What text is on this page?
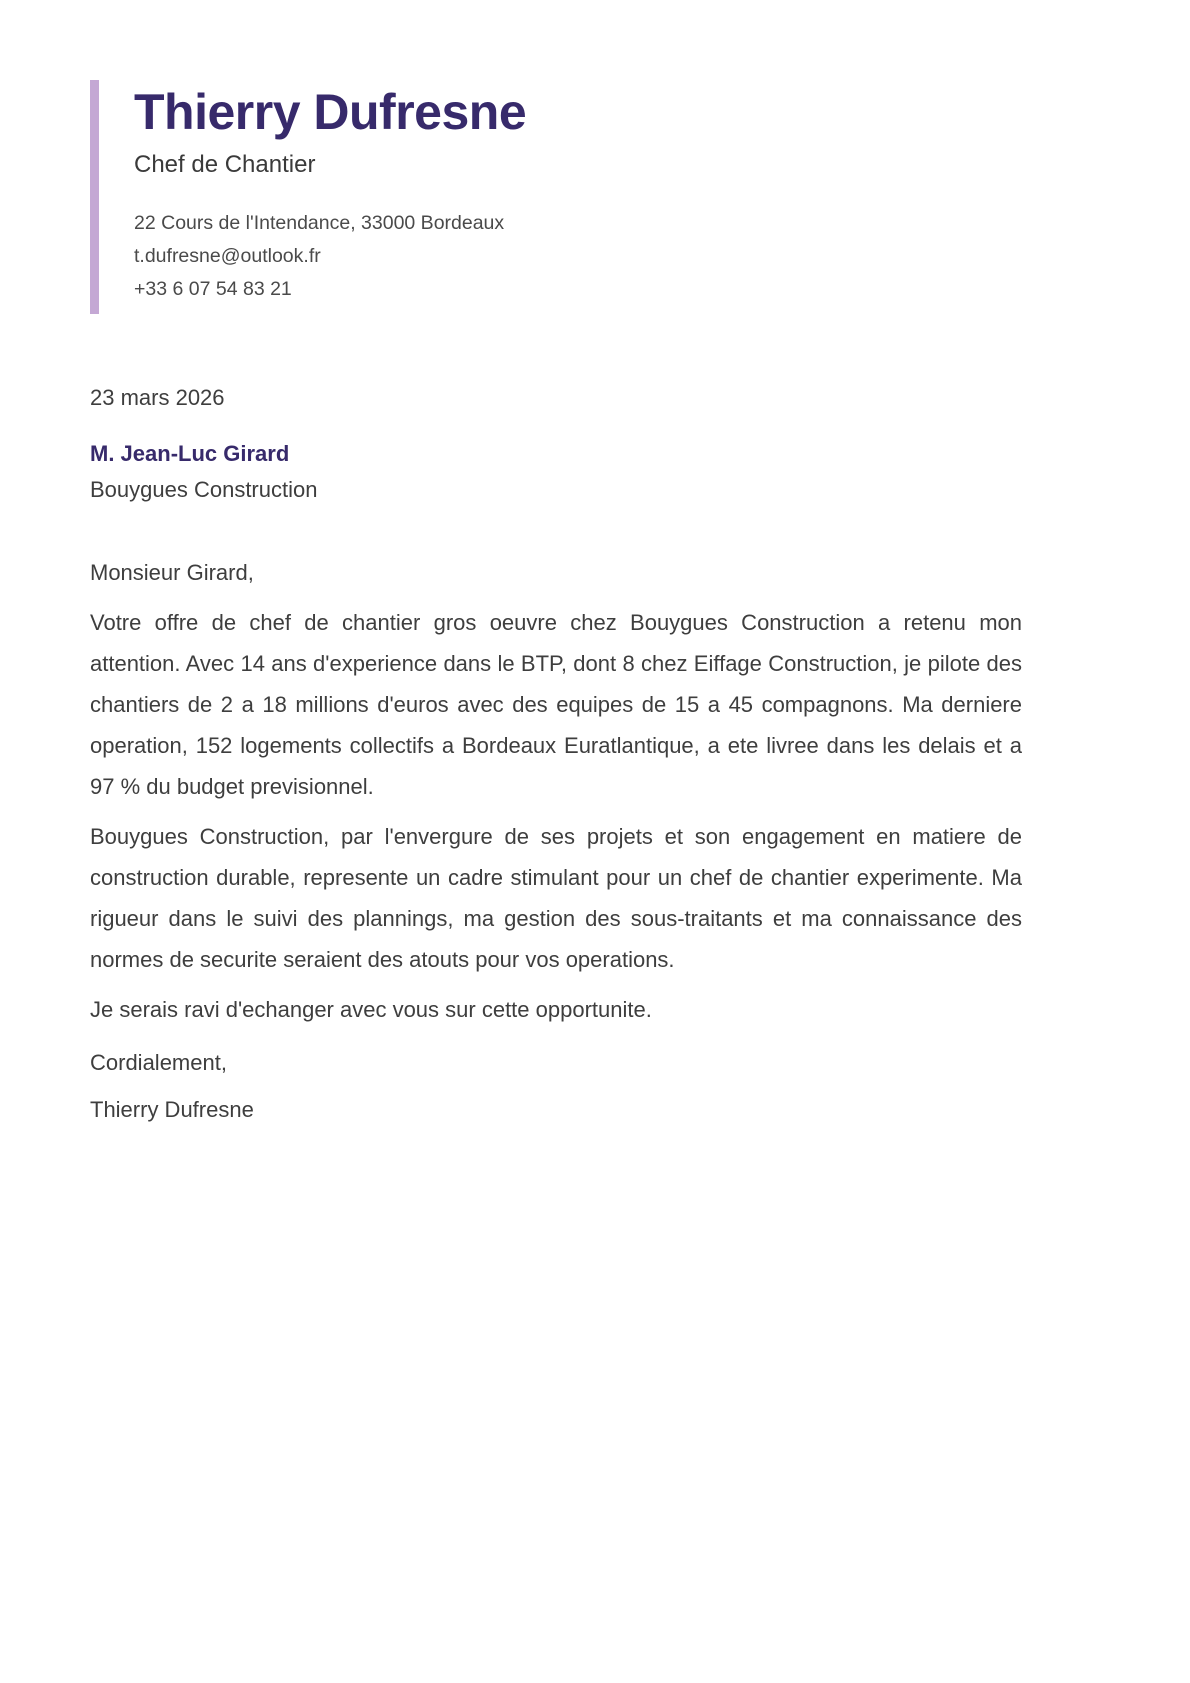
Thierry Dufresne
Chef de Chantier
22 Cours de l'Intendance, 33000 Bordeaux
t.dufresne@outlook.fr
+33 6 07 54 83 21
23 mars 2026
M. Jean-Luc Girard
Bouygues Construction

Monsieur Girard,

Votre offre de chef de chantier gros oeuvre chez Bouygues Construction a retenu mon attention. Avec 14 ans d'experience dans le BTP, dont 8 chez Eiffage Construction, je pilote des chantiers de 2 a 18 millions d'euros avec des equipes de 15 a 45 compagnons. Ma derniere operation, 152 logements collectifs a Bordeaux Euratlantique, a ete livree dans les delais et a 97 % du budget previsionnel.

Bouygues Construction, par l'envergure de ses projets et son engagement en matiere de construction durable, represente un cadre stimulant pour un chef de chantier experimente. Ma rigueur dans le suivi des plannings, ma gestion des sous-traitants et ma connaissance des normes de securite seraient des atouts pour vos operations.

Je serais ravi d'echanger avec vous sur cette opportunite.

Cordialement,

Thierry Dufresne
